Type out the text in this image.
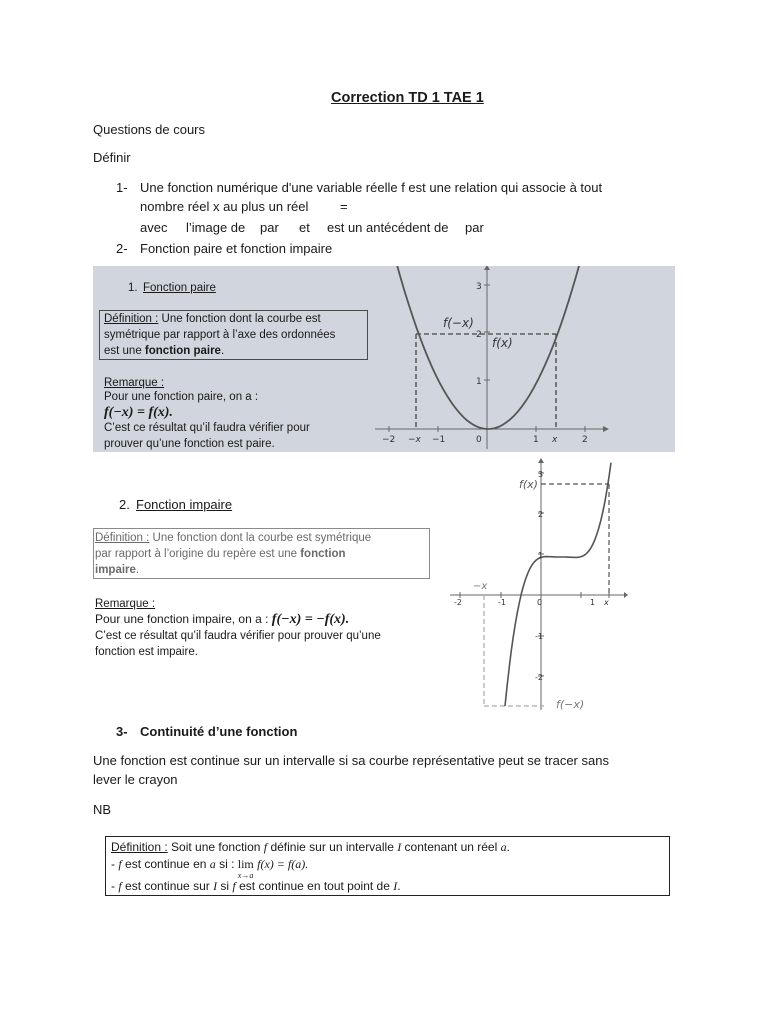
Correction TD 1 TAE 1
Questions de cours
Définir
1- Une fonction numérique d'une variable réelle f est une relation qui associe à tout
nombre réel x au plus un réel =
avec l’image de par et est un antécédent de par
2- Fonction paire et fonction impaire
1. Fonction paire
Définition : Une fonction dont la courbe est
symétrique par rapport à l’axe des ordonnées
est une fonction paire.
Remarque :
Pour une fonction paire, on a :
f(−x) = f(x).
C’est ce résultat qu’il faudra vérifier pour
prouver qu’une fonction est paire.	−2 −x −1	0	1 x	2
1
2
3
f(−x)
f(x)
2. Fonction impaire
Définition : Une fonction dont la courbe est symétrique
par rapport à l’origine du repère est une fonction
impaire.
Remarque :
Pour une fonction impaire, on a : f(−x) = −f(x).
C’est ce résultat qu’il faudra vérifier pour prouver qu’une
fonction est impaire.
-2	-1	0	1 x
3
2
1
-1
-2
f(x)
f(−x)
−x
3- Continuité d’une fonction
Une fonction est continue sur un intervalle si sa courbe représentative peut se tracer sans
lever le crayon
NB
Définition : Soit une fonction f définie sur un intervalle I contenant un réel a.
- f est continue en a si : lim
x→a
f(x) = f(a).
- f est continue sur I si f est continue en tout point de I.
